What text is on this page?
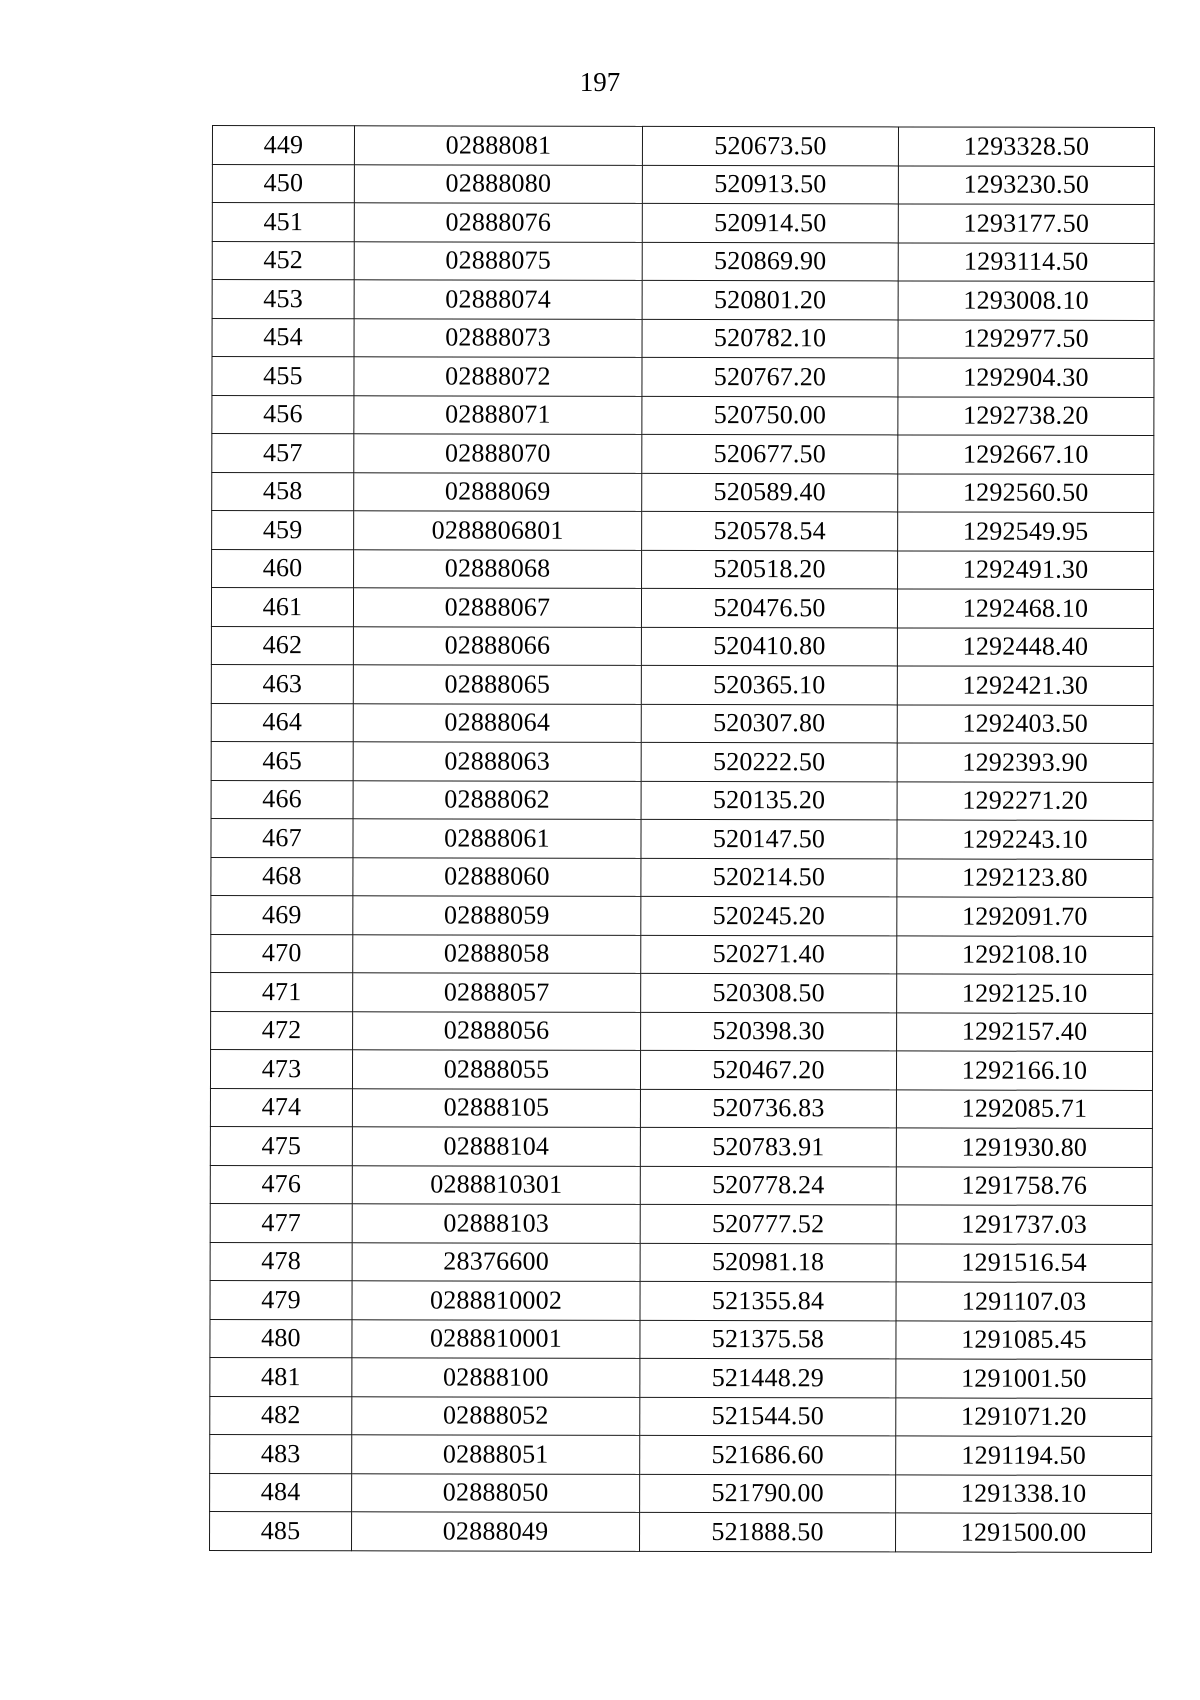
197
449	02888081	520673.50	1293328.50
450	02888080	520913.50	1293230.50
451	02888076	520914.50	1293177.50
452	02888075	520869.90	1293114.50
453	02888074	520801.20	1293008.10
454	02888073	520782.10	1292977.50
455	02888072	520767.20	1292904.30
456	02888071	520750.00	1292738.20
457	02888070	520677.50	1292667.10
458	02888069	520589.40	1292560.50
459	0288806801	520578.54	1292549.95
460	02888068	520518.20	1292491.30
461	02888067	520476.50	1292468.10
462	02888066	520410.80	1292448.40
463	02888065	520365.10	1292421.30
464	02888064	520307.80	1292403.50
465	02888063	520222.50	1292393.90
466	02888062	520135.20	1292271.20
467	02888061	520147.50	1292243.10
468	02888060	520214.50	1292123.80
469	02888059	520245.20	1292091.70
470	02888058	520271.40	1292108.10
471	02888057	520308.50	1292125.10
472	02888056	520398.30	1292157.40
473	02888055	520467.20	1292166.10
474	02888105	520736.83	1292085.71
475	02888104	520783.91	1291930.80
476	0288810301	520778.24	1291758.76
477	02888103	520777.52	1291737.03
478	28376600	520981.18	1291516.54
479	0288810002	521355.84	1291107.03
480	0288810001	521375.58	1291085.45
481	02888100	521448.29	1291001.50
482	02888052	521544.50	1291071.20
483	02888051	521686.60	1291194.50
484	02888050	521790.00	1291338.10
485	02888049	521888.50	1291500.00
